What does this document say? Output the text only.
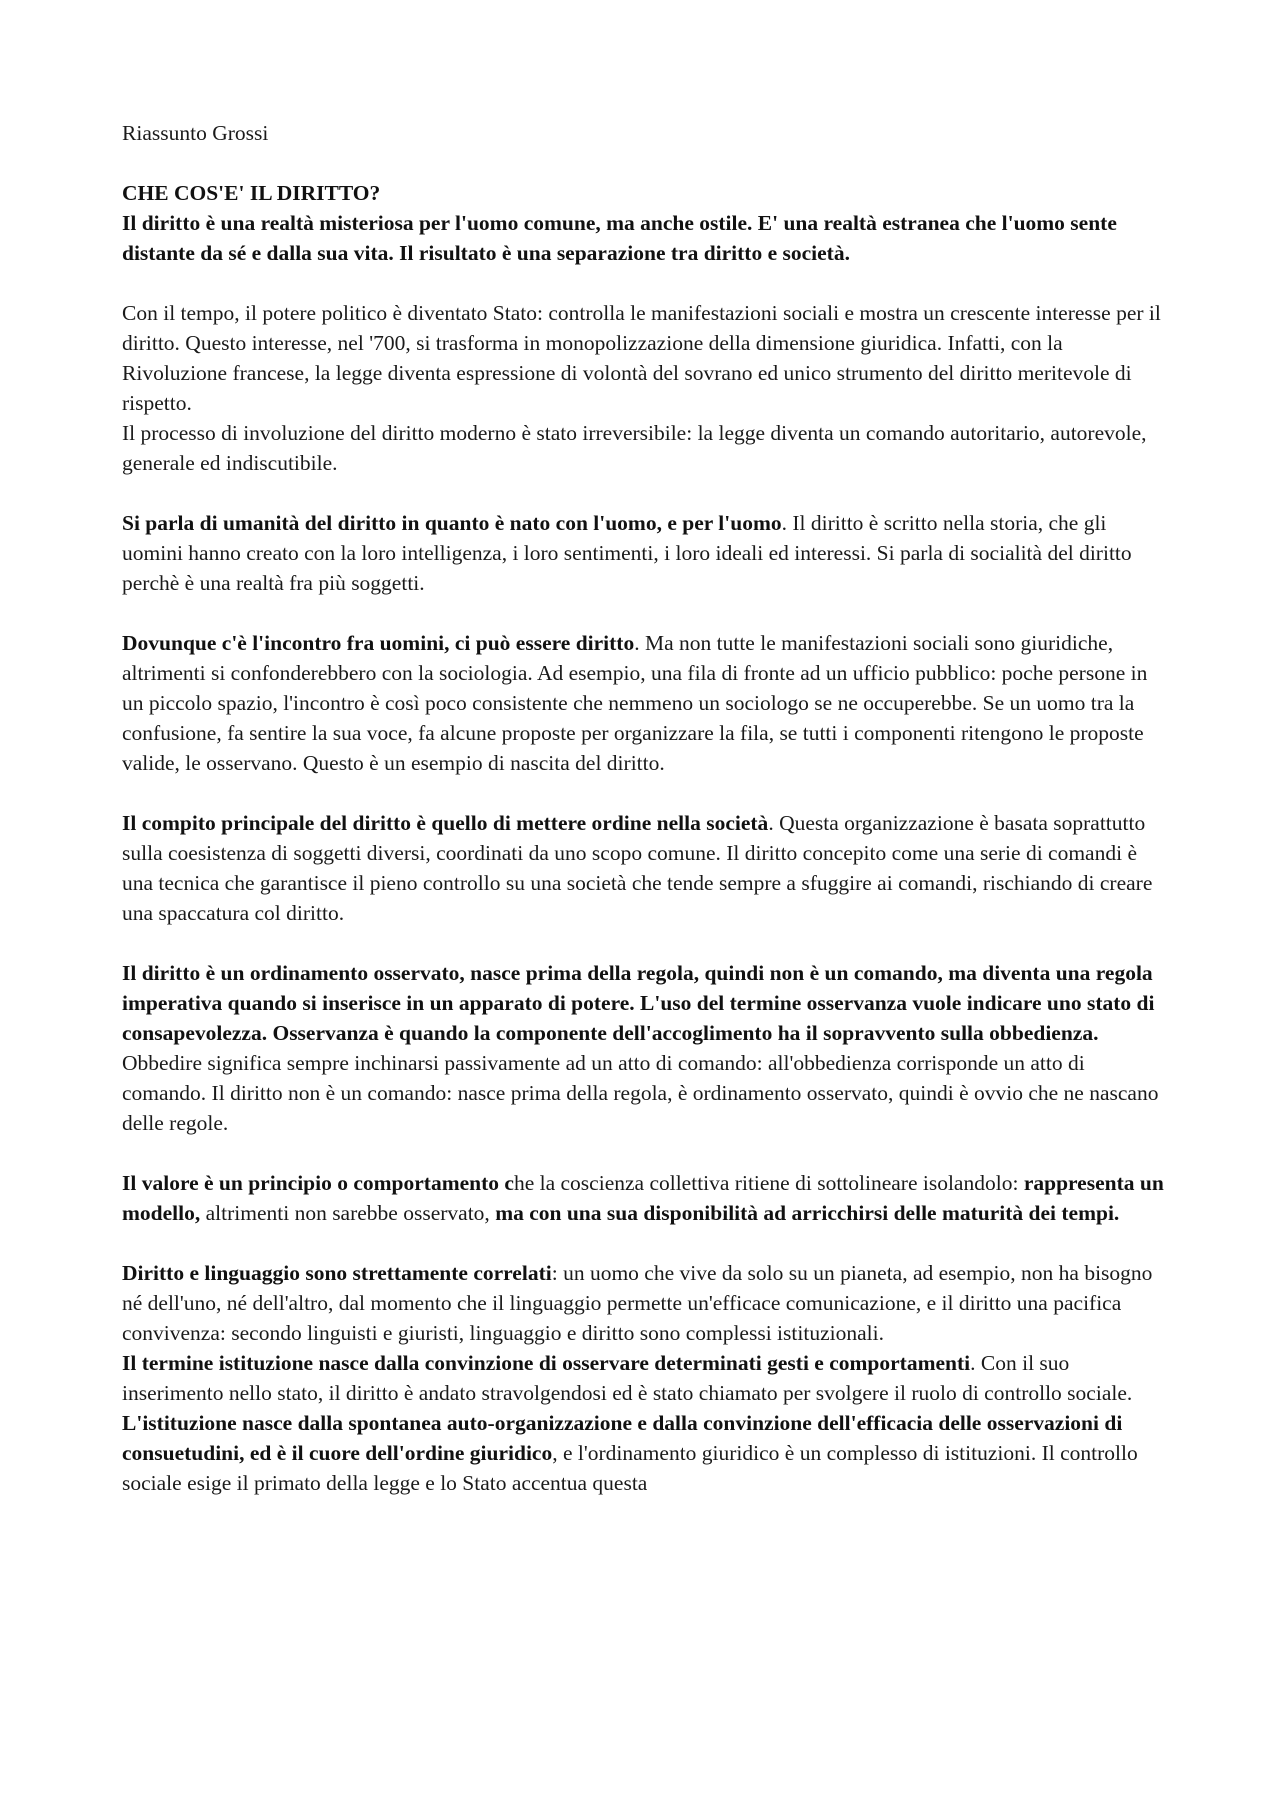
Riassunto Grossi

CHE COS'E' IL DIRITTO?

Il diritto è una realtà misteriosa per l'uomo comune, ma anche ostile. E' una realtà estranea che l'uomo sente distante da sé e dalla sua vita. Il risultato è una separazione tra diritto e società.

Con il tempo, il potere politico è diventato Stato: controlla le manifestazioni sociali e mostra un crescente interesse per il diritto. Questo interesse, nel '700, si trasforma in monopolizzazione della dimensione giuridica. Infatti, con la Rivoluzione francese, la legge diventa espressione di volontà del sovrano ed unico strumento del diritto meritevole di rispetto.

Il processo di involuzione del diritto moderno è stato irreversibile: la legge diventa un comando autoritario, autorevole, generale ed indiscutibile.

Si parla di umanità del diritto in quanto è nato con l'uomo, e per l'uomo. Il diritto è scritto nella storia, che gli uomini hanno creato con la loro intelligenza, i loro sentimenti, i loro ideali ed interessi. Si parla di socialità del diritto perchè è una realtà fra più soggetti.

Dovunque c'è l'incontro fra uomini, ci può essere diritto. Ma non tutte le manifestazioni sociali sono giuridiche, altrimenti si confonderebbero con la sociologia. Ad esempio, una fila di fronte ad un ufficio pubblico: poche persone in un piccolo spazio, l'incontro è così poco consistente che nemmeno un sociologo se ne occuperebbe. Se un uomo tra la confusione, fa sentire la sua voce, fa alcune proposte per organizzare la fila, se tutti i componenti ritengono le proposte valide, le osservano. Questo è un esempio di nascita del diritto.

Il compito principale del diritto è quello di mettere ordine nella società. Questa organizzazione è basata soprattutto sulla coesistenza di soggetti diversi, coordinati da uno scopo comune. Il diritto concepito come una serie di comandi è una tecnica che garantisce il pieno controllo su una società che tende sempre a sfuggire ai comandi, rischiando di creare una spaccatura col diritto.

Il diritto è un ordinamento osservato, nasce prima della regola, quindi non è un comando, ma diventa una regola imperativa quando si inserisce in un apparato di potere. L'uso del termine osservanza vuole indicare uno stato di consapevolezza. Osservanza è quando la componente dell'accoglimento ha il sopravvento sulla obbedienza. Obbedire significa sempre inchinarsi passivamente ad un atto di comando: all'obbedienza corrisponde un atto di comando. Il diritto non è un comando: nasce prima della regola, è ordinamento osservato, quindi è ovvio che ne nascano delle regole.

Il valore è un principio o comportamento che la coscienza collettiva ritiene di sottolineare isolandolo: rappresenta un modello, altrimenti non sarebbe osservato, ma con una sua disponibilità ad arricchirsi delle maturità dei tempi.

Diritto e linguaggio sono strettamente correlati: un uomo che vive da solo su un pianeta, ad esempio, non ha bisogno né dell'uno, né dell'altro, dal momento che il linguaggio permette un'efficace comunicazione, e il diritto una pacifica convivenza: secondo linguisti e giuristi, linguaggio e diritto sono complessi istituzionali.

Il termine istituzione nasce dalla convinzione di osservare determinati gesti e comportamenti. Con il suo inserimento nello stato, il diritto è andato stravolgendosi ed è stato chiamato per svolgere il ruolo di controllo sociale.

L'istituzione nasce dalla spontanea auto-organizzazione e dalla convinzione dell'efficacia delle osservazioni di consuetudini, ed è il cuore dell'ordine giuridico, e l'ordinamento giuridico è un complesso di istituzioni. Il controllo sociale esige il primato della legge e lo Stato accentua questa
